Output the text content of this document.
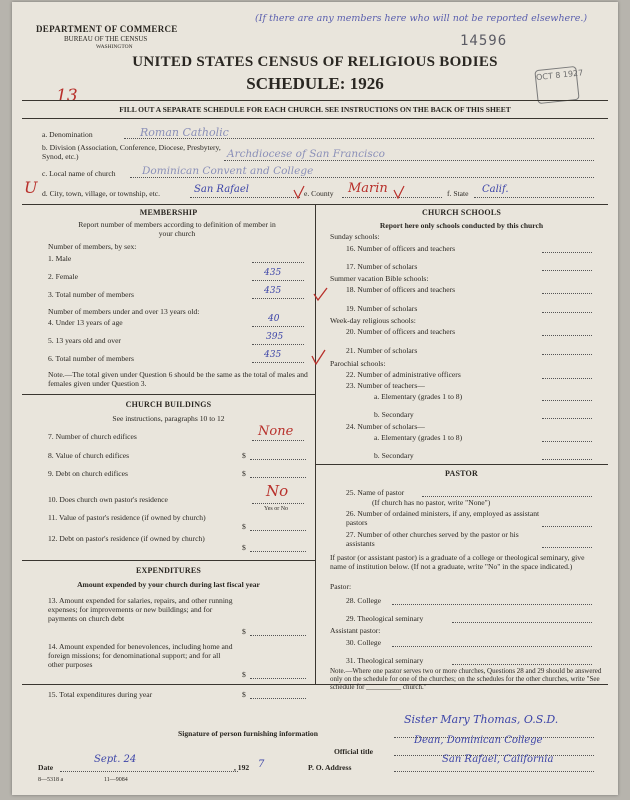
DEPARTMENT OF COMMERCE
BUREAU OF THE CENSUS
WASHINGTON
(If there are any members here who will not be reported elsewhere.)
14596
OCT 8 1927
UNITED STATES CENSUS OF RELIGIOUS BODIES
SCHEDULE: 1926
13
FILL OUT A SEPARATE SCHEDULE FOR EACH CHURCH. SEE INSTRUCTIONS ON THE BACK OF THIS SHEET
a. Denomination	Roman Catholic
b. Division (Association, Conference, Diocese, Presbytery, Synod, etc.)	Archdiocese of San Francisco
c. Local name of church	Dominican Convent and College
U d. City, town, village, or township, etc.	San Rafael	e. County Marin	f. State Calif.
MEMBERSHIP
Report number of members according to definition of member in your church
Number of members, by sex:
1. Male
2. Female	435
3. Total number of members	435
Number of members under and over 13 years old:
4. Under 13 years of age	40
5. 13 years old and over	395
6. Total number of members	435
Note.—The total given under Question 6 should be the same as the total of males and females given under Question 3.
CHURCH BUILDINGS
See instructions, paragraphs 10 to 12
7. Number of church edifices	None
8. Value of church edifices	$
9. Debt on church edifices	$
10. Does church own pastor's residence	No
Yes or No
11. Value of pastor's residence (if owned by church)
$
12. Debt on pastor's residence (if owned by church)
$
EXPENDITURES
Amount expended by your church during last fiscal year
13. Amount expended for salaries, repairs, and other running expenses; for improvements or new buildings; and for payments on church debt
$
14. Amount expended for benevolences, including home and foreign missions; for denominational support; and for all other purposes
$
15. Total expenditures during year	$
CHURCH SCHOOLS
Report here only schools conducted by this church
Sunday schools:
16. Number of officers and teachers
17. Number of scholars
Summer vacation Bible schools:
18. Number of officers and teachers
19. Number of scholars
Week-day religious schools:
20. Number of officers and teachers
21. Number of scholars
Parochial schools:
22. Number of administrative officers
23. Number of teachers—
a. Elementary (grades 1 to 8)
b. Secondary
24. Number of scholars—
a. Elementary (grades 1 to 8)
b. Secondary
PASTOR
25. Name of pastor
(If church has no pastor, write "None")
26. Number of ordained ministers, if any, employed as assistant pastors
27. Number of other churches served by the pastor or his assistants
If pastor (or assistant pastor) is a graduate of a college or theological seminary, give name of institution below. (If not a graduate, write "No" in the space indicated.)
Pastor:
28. College
29. Theological seminary
Assistant pastor:
30. College
31. Theological seminary
Note.—Where one pastor serves two or more churches, Questions 28 and 29 should be answered only on the schedule for one of the churches; on the schedules for the other churches, write "See schedule for __________ church."
Signature of person furnishing information
Sister Mary Thomas, O.S.D.
Official title
Dean, Dominican College
Date
Sept. 24
, 192 7	P. O. Address
San Rafael, California
8—5318 a	11—9084
